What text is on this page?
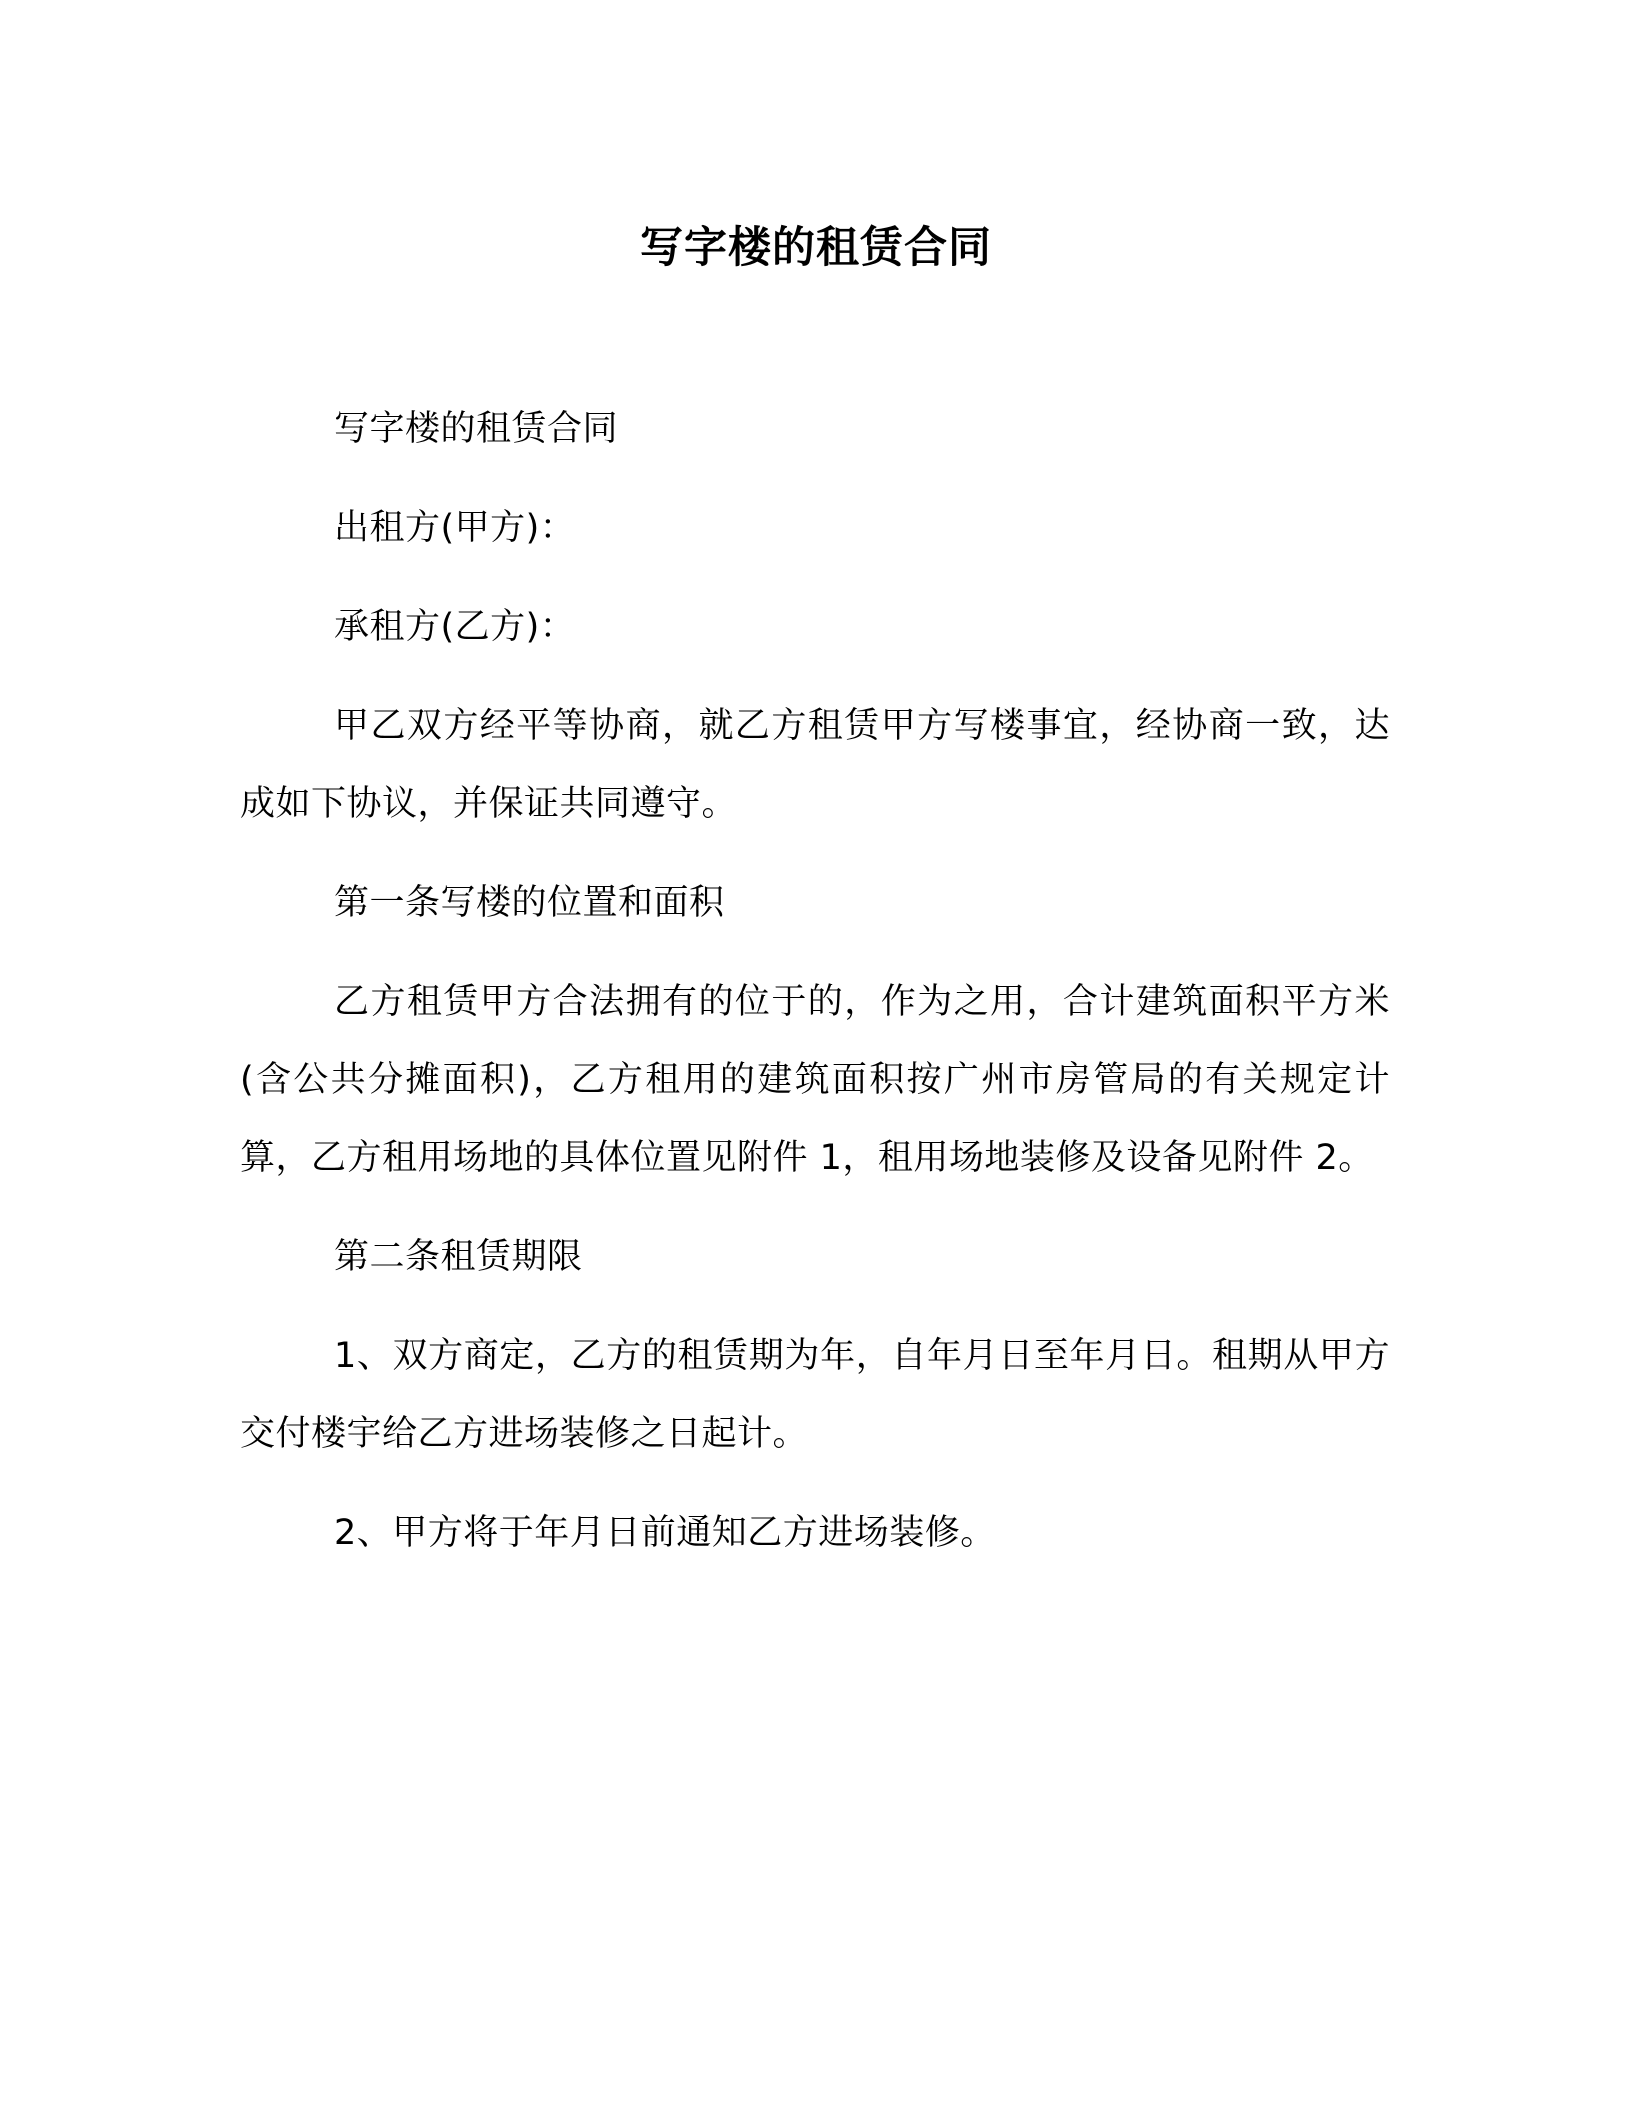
写字楼的租赁合同

写字楼的租赁合同

出租方(甲方)：

承租方(乙方)：

甲乙双方经平等协商，就乙方租赁甲方写楼事宜，经协商一致，达成如下协议，并保证共同遵守。

第一条写楼的位置和面积

乙方租赁甲方合法拥有的位于的，作为之用，合计建筑面积平方米(含公共分摊面积)，乙方租用的建筑面积按广州市房管局的有关规定计算，乙方租用场地的具体位置见附件 1，租用场地装修及设备见附件 2。

第二条租赁期限

1、双方商定，乙方的租赁期为年，自年月日至年月日。租期从甲方交付楼宇给乙方进场装修之日起计。

2、甲方将于年月日前通知乙方进场装修。
